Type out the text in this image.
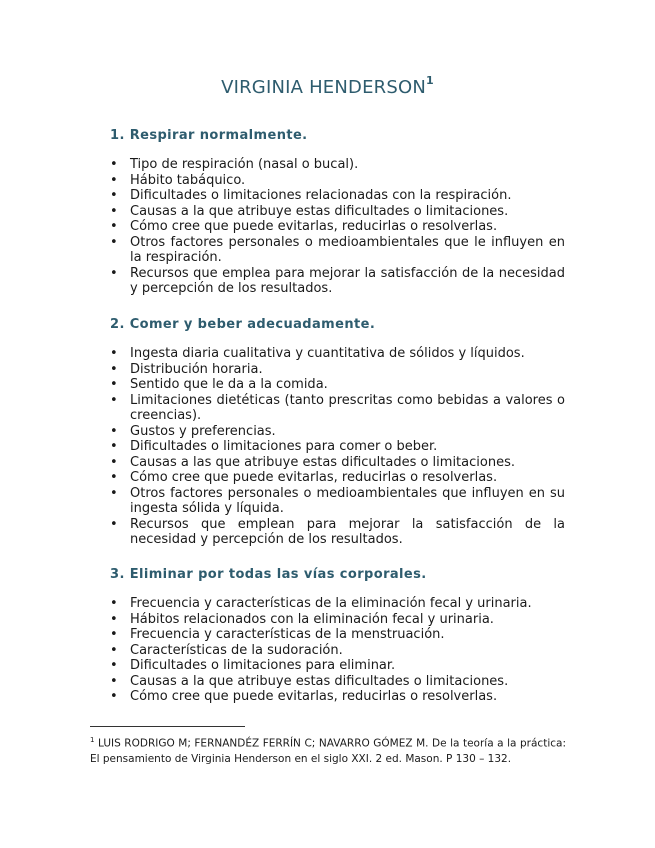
VIRGINIA HENDERSON$^1$
1. Respirar normalmente.
• Tipo de respiración (nasal o bucal).
• Hábito tabáquico.
• Dificultades o limitaciones relacionadas con la respiración.
• Causas a la que atribuye estas dificultades o limitaciones.
• Cómo cree que puede evitarlas, reducirlas o resolverlas.
• Otros factores personales o medioambientales que le influyen en la respiración.
• Recursos que emplea para mejorar la satisfacción de la necesidad y percepción de los resultados.
2. Comer y beber adecuadamente.
• Ingesta diaria cualitativa y cuantitativa de sólidos y líquidos.
• Distribución horaria.
• Sentido que le da a la comida.
• Limitaciones dietéticas (tanto prescritas como bebidas a valores o creencias).
• Gustos y preferencias.
• Dificultades o limitaciones para comer o beber.
• Causas a las que atribuye estas dificultades o limitaciones.
• Cómo cree que puede evitarlas, reducirlas o resolverlas.
• Otros factores personales o medioambientales que influyen en su ingesta sólida y líquida.
• Recursos que emplean para mejorar la satisfacción de la necesidad y percepción de los resultados.
3. Eliminar por todas las vías corporales.
• Frecuencia y características de la eliminación fecal y urinaria.
• Hábitos relacionados con la eliminación fecal y urinaria.
• Frecuencia y características de la menstruación.
• Características de la sudoración.
• Dificultades o limitaciones para eliminar.
• Causas a la que atribuye estas dificultades o limitaciones.
• Cómo cree que puede evitarlas, reducirlas o resolverlas.
$^1$ LUIS RODRIGO M; FERNANDÉZ FERRÍN C; NAVARRO GÓMEZ M. De la teoría a la práctica: El pensamiento de Virginia Henderson en el siglo XXI. 2 ed. Mason. P 130 – 132.
